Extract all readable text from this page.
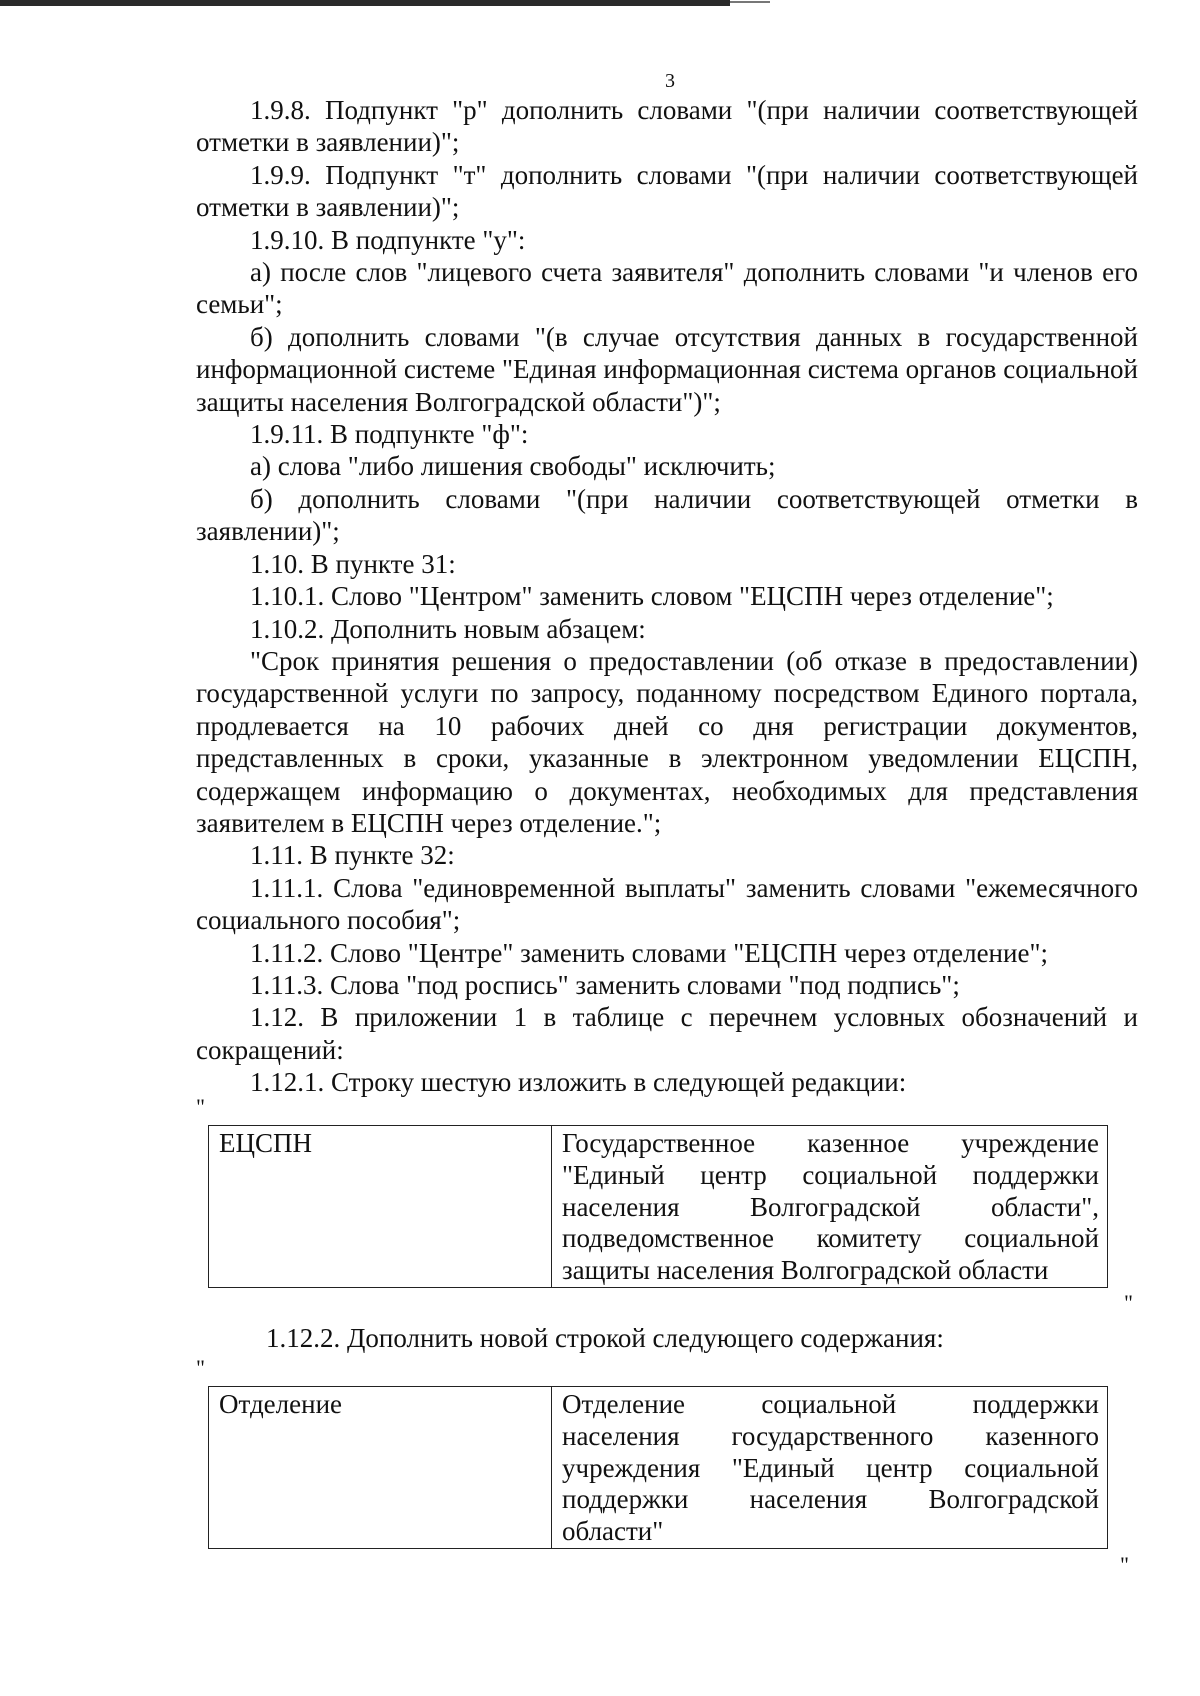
3

1.9.8. Подпункт "р" дополнить словами "(при наличии соответствующей отметки в заявлении)";

1.9.9. Подпункт "т" дополнить словами "(при наличии соответствующей отметки в заявлении)";

1.9.10. В подпункте "у":

а) после слов "лицевого счета заявителя" дополнить словами "и членов его семьи";

б) дополнить словами "(в случае отсутствия данных в государственной информационной системе "Единая информационная система органов социальной защиты населения Волгоградской области")";

1.9.11. В подпункте "ф":

а) слова "либо лишения свободы" исключить;

б) дополнить словами "(при наличии соответствующей отметки в заявлении)";

1.10. В пункте 31:

1.10.1. Слово "Центром" заменить словом "ЕЦСПН через отделение";

1.10.2. Дополнить новым абзацем:

"Срок принятия решения о предоставлении (об отказе в предоставлении) государственной услуги по запросу, поданному посредством Единого портала, продлевается на 10 рабочих дней со дня регистрации документов, представленных в сроки, указанные в электронном уведомлении ЕЦСПН, содержащем информацию о документах, необходимых для представления заявителем в ЕЦСПН через отделение.";

1.11. В пункте 32:

1.11.1. Слова "единовременной выплаты" заменить словами "ежемесячного социального пособия";

1.11.2. Слово "Центре" заменить словами "ЕЦСПН через отделение";

1.11.3. Слова "под роспись" заменить словами "под подпись";

1.12. В приложении 1 в таблице с перечнем условных обозначений и сокращений:

1.12.1. Строку шестую изложить в следующей редакции:

"
ЕЦСПН	Государственное казенное учреждение
"Единый центр социальной поддержки
населения Волгоградской области",
подведомственное комитету социальной
защиты населения Волгоградской области
"

1.12.2. Дополнить новой строкой следующего содержания:

"
Отделение	Отделение социальной поддержки
населения государственного казенного
учреждения "Единый центр социальной
поддержки населения Волгоградской
области"
"
